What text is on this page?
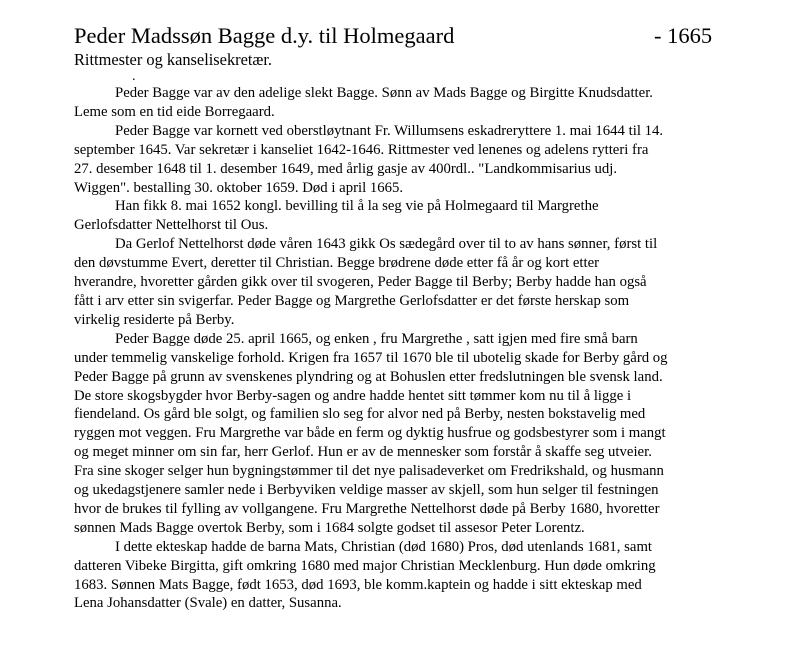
Peder Madssøn Bagge d.y. til Holmegaard	- 1665
Rittmester og kanselisekretær.
.

Peder Bagge var av den adelige slekt Bagge. Sønn av Mads Bagge og Birgitte Knudsdatter.
Leme som en tid eide Borregaard.

Peder Bagge var kornett ved oberstløytnant Fr. Willumsens eskadreryttere 1. mai 1644 til 14.
september 1645. Var sekretær i kanseliet 1642-1646. Rittmester ved lenenes og adelens rytteri fra
27. desember 1648 til 1. desember 1649, med årlig gasje av 400rdl.. "Landkommisarius udj.
Wiggen". bestalling 30. oktober 1659. Død i april 1665.

Han fikk 8. mai 1652 kongl. bevilling til å la seg vie på Holmegaard til Margrethe
Gerlofsdatter Nettelhorst til Ous.

Da Gerlof Nettelhorst døde våren 1643 gikk Os sædegård over til to av hans sønner, først til
den døvstumme Evert, deretter til Christian. Begge brødrene døde etter få år og kort etter
hverandre, hvoretter gården gikk over til svogeren, Peder Bagge til Berby; Berby hadde han også
fått i arv etter sin svigerfar. Peder Bagge og Margrethe Gerlofsdatter er det første herskap som
virkelig residerte på Berby.

Peder Bagge døde 25. april 1665, og enken , fru Margrethe , satt igjen med fire små barn
under temmelig vanskelige forhold. Krigen fra 1657 til 1670 ble til ubotelig skade for Berby gård og
Peder Bagge på grunn av svenskenes plyndring og at Bohuslen etter fredslutningen ble svensk land.
De store skogsbygder hvor Berby-sagen og andre hadde hentet sitt tømmer kom nu til å ligge i
fiendeland. Os gård ble solgt, og familien slo seg for alvor ned på Berby, nesten bokstavelig med
ryggen mot veggen. Fru Margrethe var både en ferm og dyktig husfrue og godsbestyrer som i mangt
og meget minner om sin far, herr Gerlof. Hun er av de mennesker som forstår å skaffe seg utveier.
Fra sine skoger selger hun bygningstømmer til det nye palisadeverket om Fredrikshald, og husmann
og ukedagstjenere samler nede i Berbyviken veldige masser av skjell, som hun selger til festningen
hvor de brukes til fylling av vollgangene. Fru Margrethe Nettelhorst døde på Berby 1680, hvoretter
sønnen Mads Bagge overtok Berby, som i 1684 solgte godset til assesor Peter Lorentz.

I dette ekteskap hadde de barna Mats, Christian (død 1680) Pros, død utenlands 1681, samt
datteren Vibeke Birgitta, gift omkring 1680 med major Christian Mecklenburg. Hun døde omkring
1683. Sønnen Mats Bagge, født 1653, død 1693, ble komm.kaptein og hadde i sitt ekteskap med
Lena Johansdatter (Svale) en datter, Susanna.
